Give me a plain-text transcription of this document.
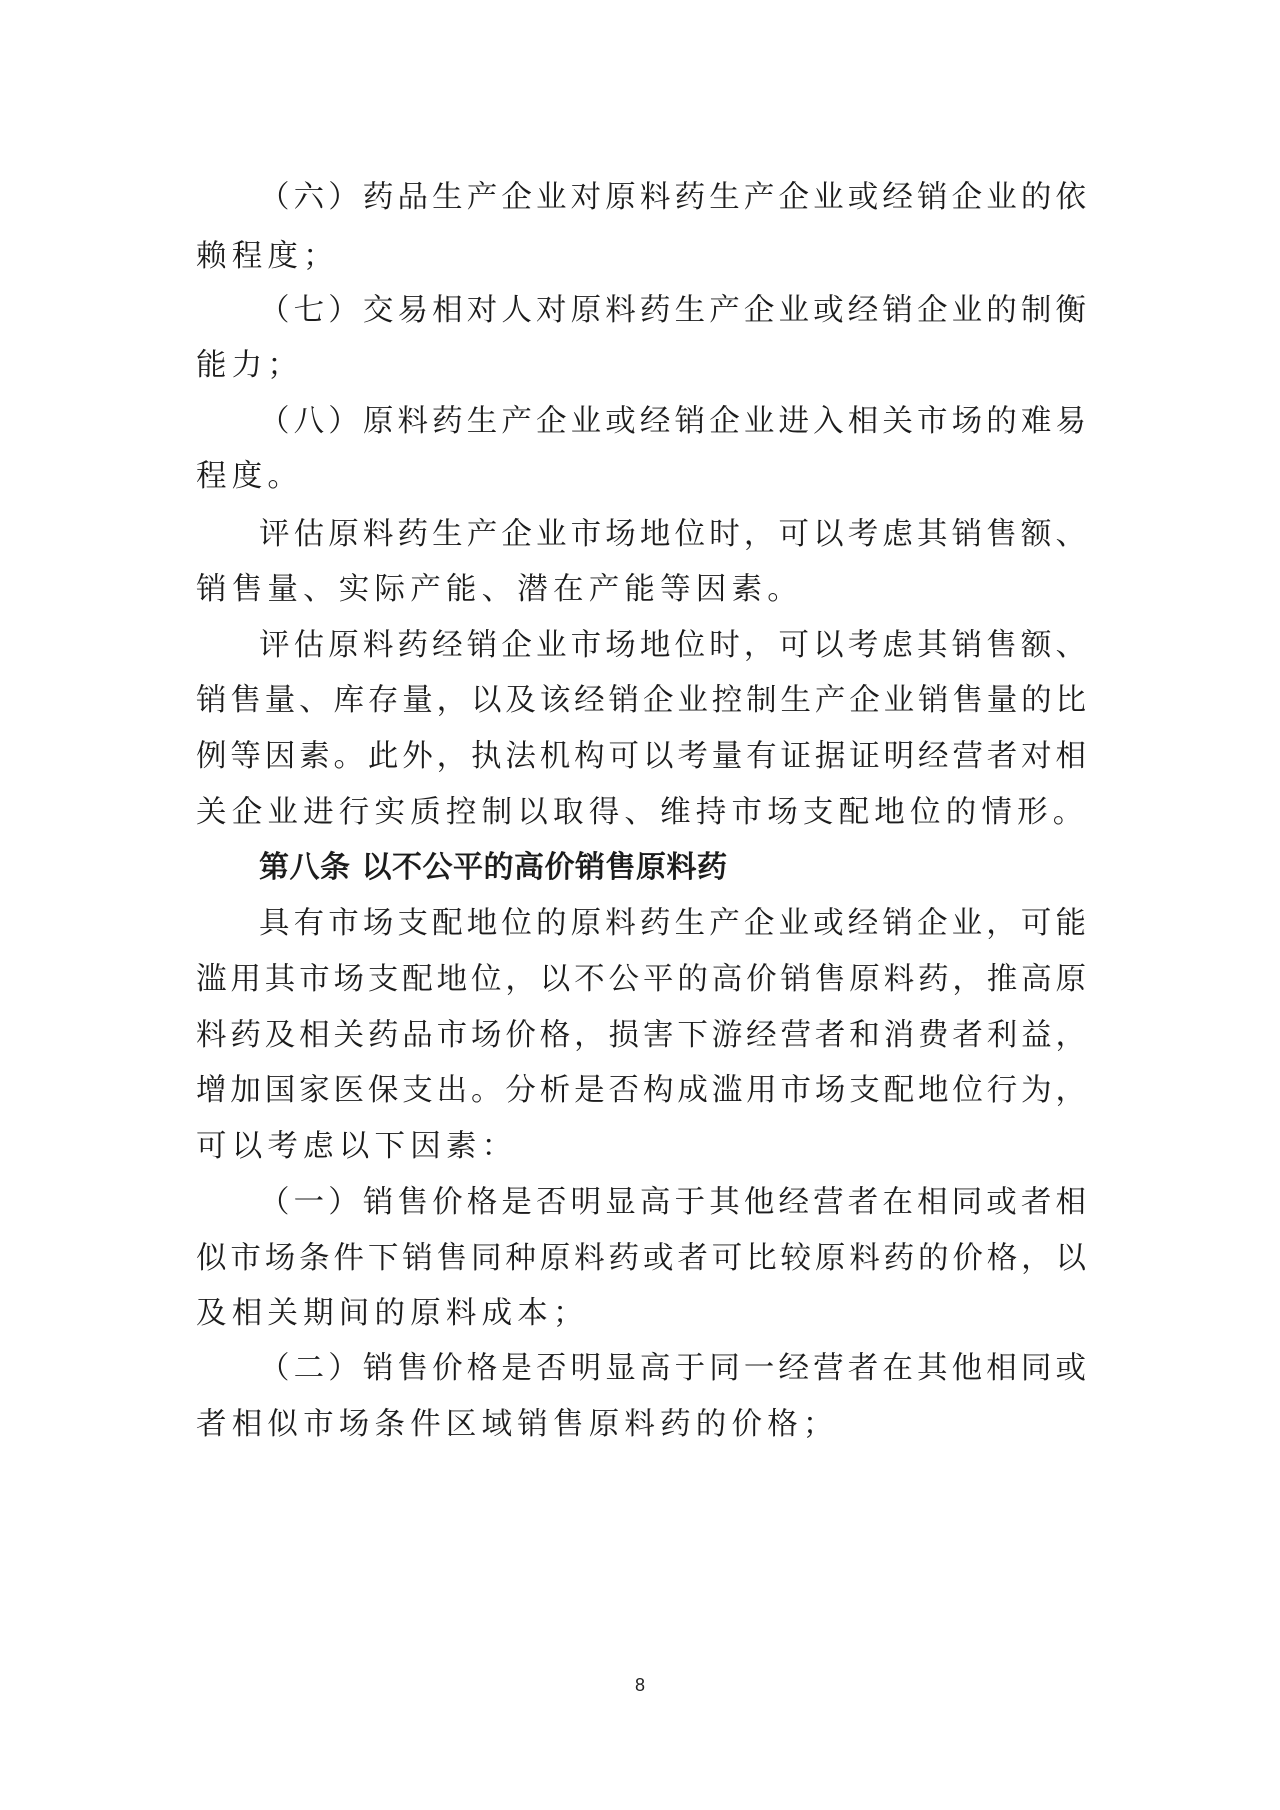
（六）药品生产企业对原料药生产企业或经销企业的依
赖程度；
（七）交易相对人对原料药生产企业或经销企业的制衡
能力；
（八）原料药生产企业或经销企业进入相关市场的难易
程度。
评估原料药生产企业市场地位时，可以考虑其销售额、
销售量、实际产能、潜在产能等因素。
评估原料药经销企业市场地位时，可以考虑其销售额、
销售量、库存量，以及该经销企业控制生产企业销售量的比
例等因素。此外，执法机构可以考量有证据证明经营者对相
关企业进行实质控制以取得、维持市场支配地位的情形。
第八条 以不公平的高价销售原料药
具有市场支配地位的原料药生产企业或经销企业，可能
滥用其市场支配地位，以不公平的高价销售原料药，推高原
料药及相关药品市场价格，损害下游经营者和消费者利益，
增加国家医保支出。分析是否构成滥用市场支配地位行为，
可以考虑以下因素：
（一）销售价格是否明显高于其他经营者在相同或者相
似市场条件下销售同种原料药或者可比较原料药的价格，以
及相关期间的原料成本；
（二）销售价格是否明显高于同一经营者在其他相同或
者相似市场条件区域销售原料药的价格；
8
